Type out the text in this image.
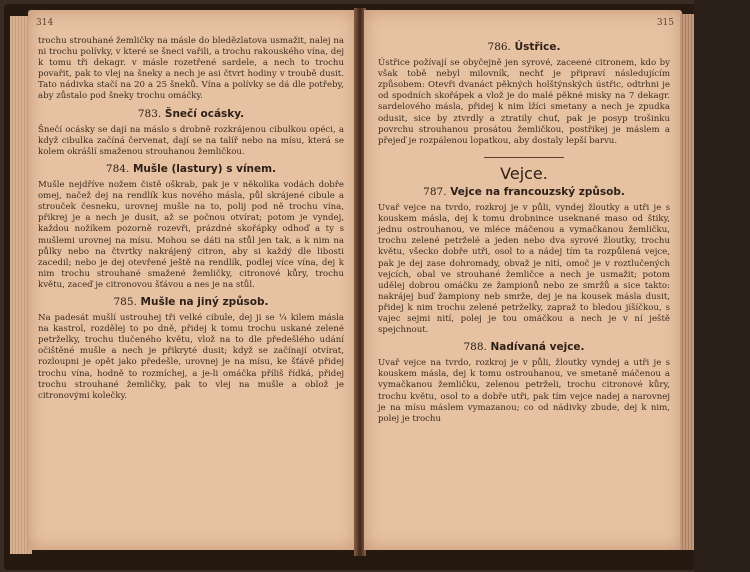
314

trochu strouhané žemličky na másle do bledězlatova usmažit, nalej na ni trochu polívky, v které se šneci vařili, a trochu rakouského vína, dej k tomu tři dekagr. v másle rozetřené sardele, a nech to trochu povařit, pak to vlej na šneky a nech je asi čtvrt hodiny v troubě dusit. Tato nádivka stačí na 20 a 25 šneků. Vína a polívky se dá dle potřeby, aby zůstalo pod šneky trochu omáčky.

783. Šnečí ocásky.

Šnečí ocásky se dají na máslo s drobně rozkrájenou cibulkou opéci, a když cibulka začíná červenat, dají se na talíř nebo na mísu, která se kolem okrášlí smaženou strouhanou žemličkou.

784. Mušle (lastury) s vínem.

Mušle nejdříve nožem čistě oškrab, pak je v několika vodách dobře omej, načež dej na rendlík kus nového másla, půl skrájené cibule a strouček česneku, urovnej mušle na to, polij pod ně trochu vína, přikrej je a nech je dusit, až se počnou otvírat; potom je vyndej, každou nožíkem pozorně rozevři, prázdné skořápky odhoď a ty s mušlemi urovnej na mísu. Mohou se dáti na stůl jen tak, a k nim na půlky nebo na čtvrtky nakrájený citron, aby si každý dle libosti zacedil; nebo je dej otevřené ještě na rendlík, podlej více vína, dej k nim trochu strouhané smažené žemličky, citronové kůry, trochu květu, zaceď je citronovou šťávou a nes je na stůl.

785. Mušle na jiný způsob.

Na padesát mušlí ustrouhej tři velké cibule, dej ji se ¼ kilem másla na kastrol, rozdělej to po dně, přidej k tomu trochu uskané zelené petrželky, trochu tlučeného květu, vlož na to dle předešlého udání očištěné mušle a nech je přikryté dusit; když se začínají otvírat, rozloupni je opět jako předešle, urovnej je na mísu, ke šťávě přidej trochu vína, hodně to rozmíchej, a je-li omáčka příliš řídká, přidej trochu strouhané žemličky, pak to vlej na mušle a oblož je citronovými kolečky.

315
786. Ústřice.

Ústřice požívají se obyčejně jen syrové, zaceené citronem, kdo by však tobě nebyl milovník, nechť je připraví následujícím způsobem: Otevři dvanáct pěkných holštýnských ústřic, odtrhni je od spodních skořápek a vlož je do malé pěkné misky na 7 dekagr. sardelového másla, přidej k nim lžíci smetany a nech je zpudka odusit, sice by ztvrdly a ztratily chuť, pak je posyp trošinku povrchu strouhanou prosátou žemličkou, postřikej je máslem a přejeď je rozpálenou lopatkou, aby dostaly lepší barvu.

Vejce.
787. Vejce na francouzský způsob.

Uvař vejce na tvrdo, rozkroj je v půli, vyndej žloutky a utři je s kouskem másla, dej k tomu drobnince useknané maso od štiky, jednu ostrouhanou, ve mléce máčenou a vymačkanou žemličku, trochu zelené petrželé a jeden nebo dva syrové žloutky, trochu květu, všecko dobře utři, osol to a nádej tím ta rozpůlená vejce, pak je dej zase dohromady, obvaž je nití, omoč je v roztlučených vejcích, obal ve strouhané žemličce a nech je usmažit; potom udělej dobrou omáčku ze žampionů nebo ze smržů a sice takto: nakrájej buď žampiony neb smrže, dej je na kousek másla dusit, přidej k nim trochu zelené petrželky, zapraž to bledou jíšíčkou, s vajec sejmi nití, polej je tou omáčkou a nech je v ní ještě spejchnout.

788. Nadívaná vejce.

Uvař vejce na tvrdo, rozkroj je v půli, žloutky vyndej a utři je s kouskem másla, dej k tomu ostrouhanou, ve smetaně máčenou a vymačkanou žemličku, zelenou petrželi, trochu citronové kůry, trochu květu, osol to a dobře utři, pak tím vejce nadej a narovnej je na mísu máslem vymazanou; co od nádivky zbude, dej k nim, polej je trochu
